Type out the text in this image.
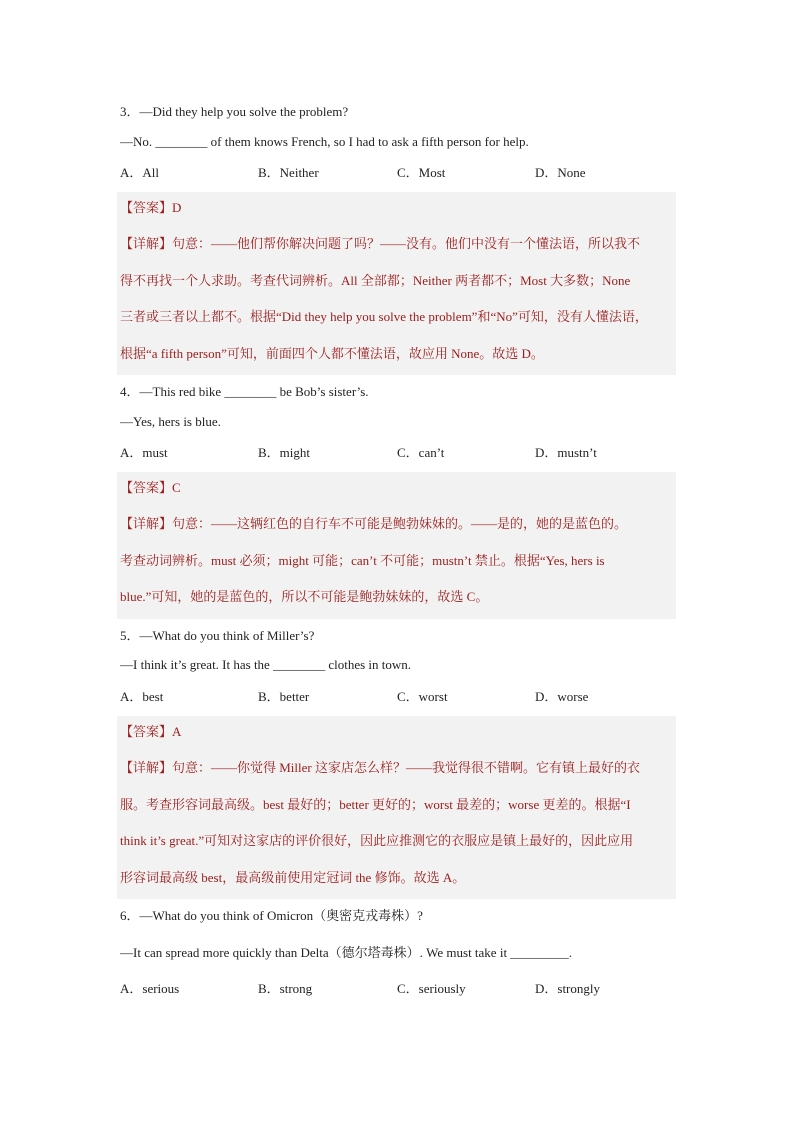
3．—Did they help you solve the problem?
—No. ________ of them knows French, so I had to ask a fifth person for help.
A．All	B．Neither	C．Most	D．None
【答案】D
【详解】句意：——他们帮你解决问题了吗？——没有。他们中没有一个懂法语，所以我不
得不再找一个人求助。考查代词辨析。All 全部都；Neither 两者都不；Most 大多数；None
三者或三者以上都不。根据“Did they help you solve the problem”和“No”可知，没有人懂法语，
根据“a fifth person”可知，前面四个人都不懂法语，故应用 None。故选 D。
4．—This red bike ________ be Bob’s sister’s.
—Yes, hers is blue.
A．must	B．might	C．can’t	D．mustn’t
【答案】C
【详解】句意：——这辆红色的自行车不可能是鲍勃妹妹的。——是的，她的是蓝色的。
考查动词辨析。must 必须；might 可能；can’t 不可能；mustn’t 禁止。根据“Yes, hers is
blue.”可知，她的是蓝色的，所以不可能是鲍勃妹妹的，故选 C。
5．—What do you think of Miller’s?
—I think it’s great. It has the ________ clothes in town.
A．best	B．better	C．worst	D．worse
【答案】A
【详解】句意：——你觉得 Miller 这家店怎么样？——我觉得很不错啊。它有镇上最好的衣
服。考查形容词最高级。best 最好的；better 更好的；worst 最差的；worse 更差的。根据“I
think it’s great.”可知对这家店的评价很好，因此应推测它的衣服应是镇上最好的，因此应用
形容词最高级 best，最高级前使用定冠词 the 修饰。故选 A。
6．—What do you think of Omicron（奥密克戎毒株）?
—It can spread more quickly than Delta（德尔塔毒株）. We must take it _________.
A．serious	B．strong	C．seriously	D．strongly
